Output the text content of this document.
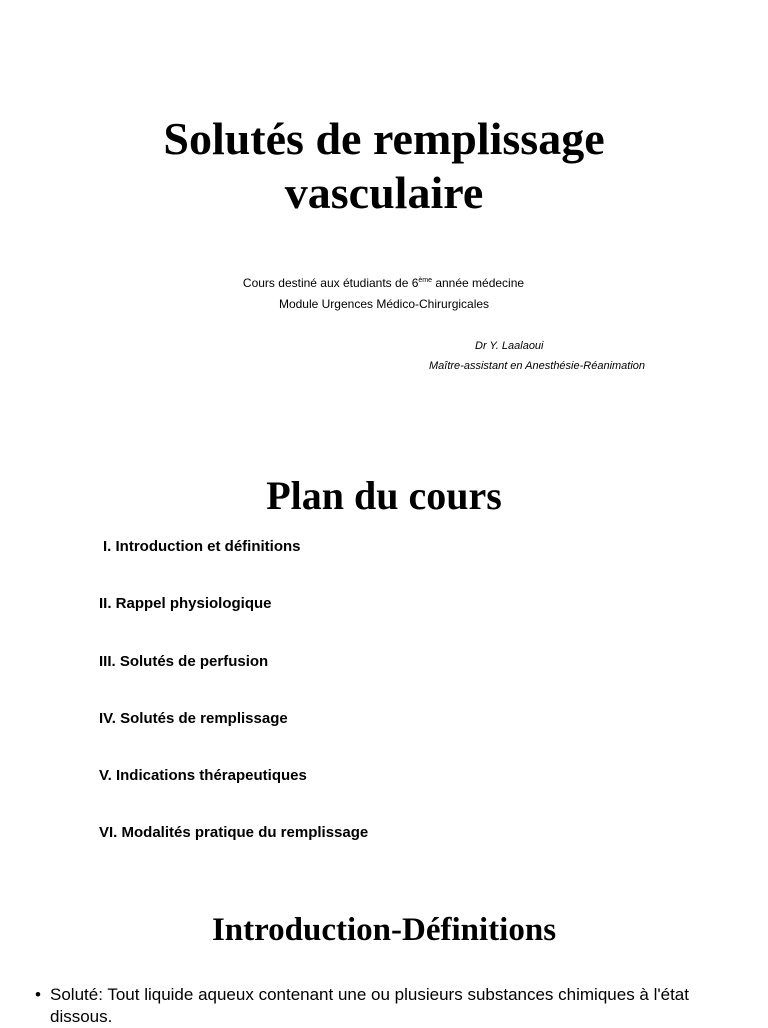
Solutés de remplissage
vasculaire
Cours destiné aux étudiants de 6ème année médecine
Module Urgences Médico-Chirurgicales
Dr Y. Laalaoui
Maître-assistant en Anesthésie-Réanimation
Plan du cours
I. Introduction et définitions
II. Rappel physiologique
III. Solutés de perfusion
IV. Solutés de remplissage
V. Indications thérapeutiques
VI. Modalités pratique du remplissage
Introduction-Définitions
• Soluté: Tout liquide aqueux contenant une ou plusieurs substances chimiques à l'état dissous.
